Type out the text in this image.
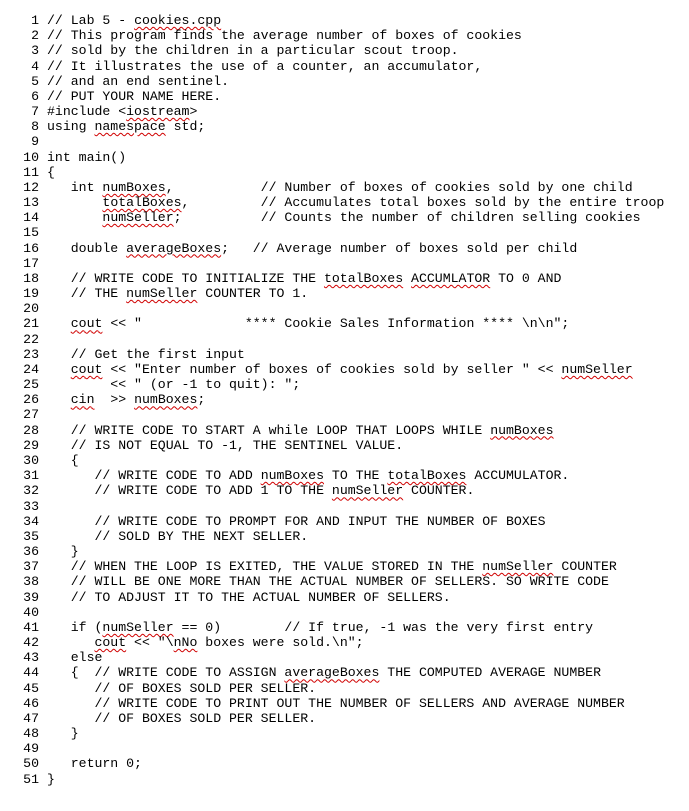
1 // Lab 5 - cookies.cpp
2 // This program finds the average number of boxes of cookies
3 // sold by the children in a particular scout troop.
4 // It illustrates the use of a counter, an accumulator,
5 // and an end sentinel.
6 // PUT YOUR NAME HERE.
7 #include <iostream>
8 using namespace std;
9
10 int main()
11 {
12 int numBoxes,           // Number of boxes of cookies sold by one child
13	totalBoxes,         // Accumulates total boxes sold by the entire troop
14	numSeller;          // Counts the number of children selling cookies
15
16 double averageBoxes;   // Average number of boxes sold per child
17
18 // WRITE CODE TO INITIALIZE THE totalBoxes ACCUMLATOR TO 0 AND
19 // THE numSeller COUNTER TO 1.
20
21	cout << "             **** Cookie Sales Information **** \n\n";
22
23 // Get the first input
24	cout << "Enter number of boxes of cookies sold by seller " << numSeller
25 << " (or -1 to quit): ";
26	cin  >> numBoxes;
27
28 // WRITE CODE TO START A while LOOP THAT LOOPS WHILE numBoxes
29 // IS NOT EQUAL TO -1, THE SENTINEL VALUE.
30 {
31 // WRITE CODE TO ADD numBoxes TO THE totalBoxes ACCUMULATOR.
32 // WRITE CODE TO ADD 1 TO THE numSeller COUNTER.
33
34 // WRITE CODE TO PROMPT FOR AND INPUT THE NUMBER OF BOXES
35 // SOLD BY THE NEXT SELLER.
36 }
37 // WHEN THE LOOP IS EXITED, THE VALUE STORED IN THE numSeller COUNTER
38 // WILL BE ONE MORE THAN THE ACTUAL NUMBER OF SELLERS. SO WRITE CODE
39 // TO ADJUST IT TO THE ACTUAL NUMBER OF SELLERS.
40
41 if (numSeller == 0)        // If true, -1 was the very first entry
42	cout << "\nNo boxes were sold.\n";
43 else
44 {  // WRITE CODE TO ASSIGN averageBoxes THE COMPUTED AVERAGE NUMBER
45 // OF BOXES SOLD PER SELLER.
46 // WRITE CODE TO PRINT OUT THE NUMBER OF SELLERS AND AVERAGE NUMBER
47 // OF BOXES SOLD PER SELLER.
48 }
49
50 return 0;
51 }
